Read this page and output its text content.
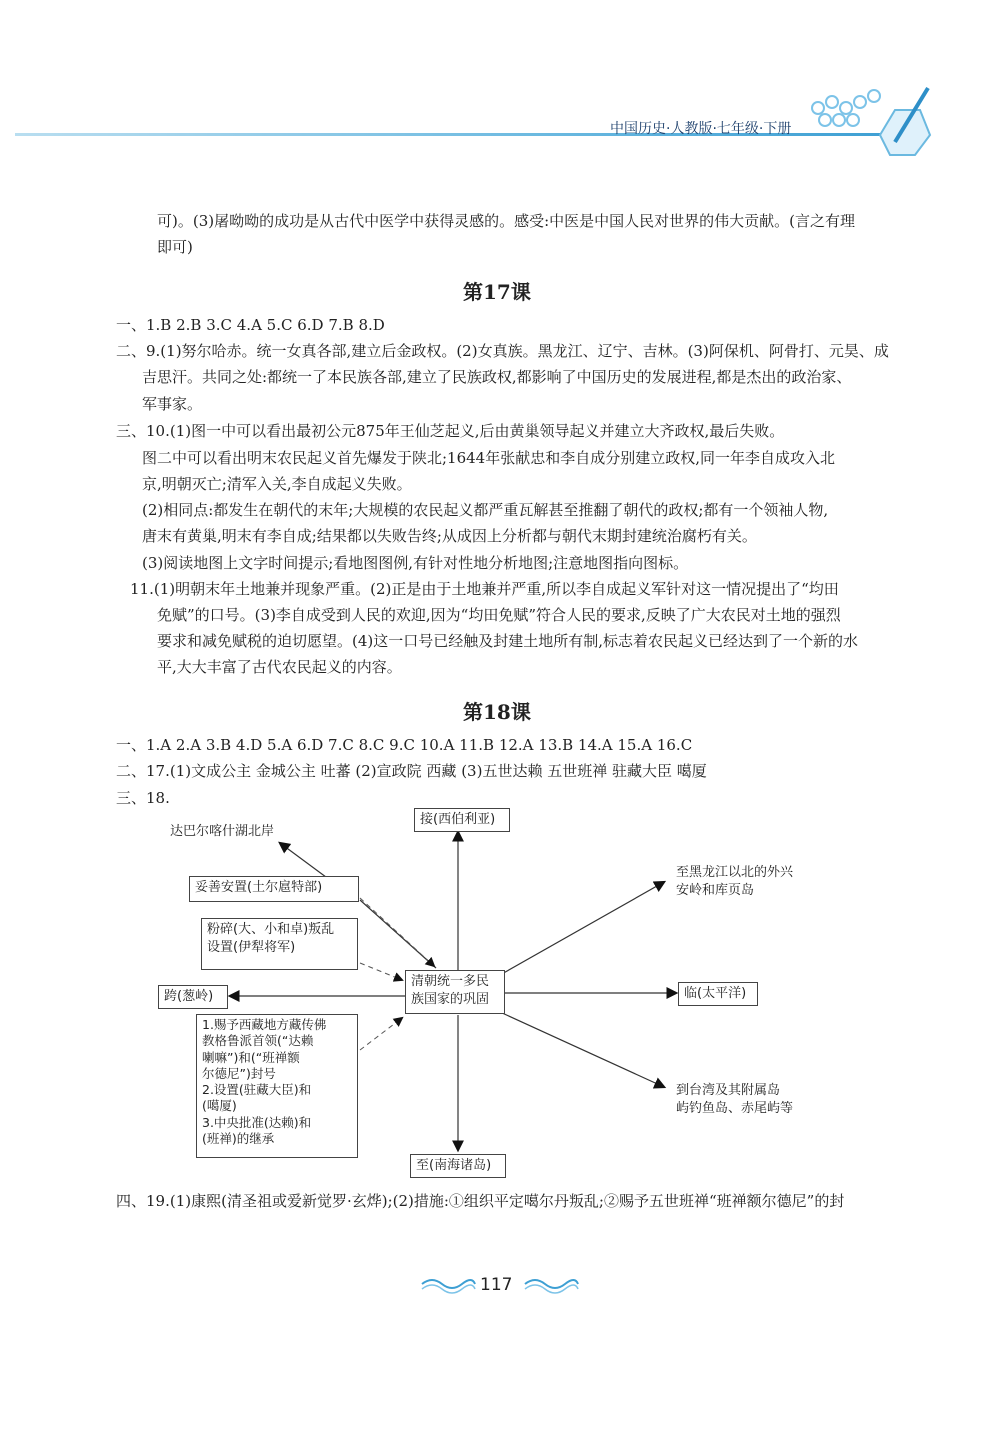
中国历史·人教版·七年级·下册
可)。(3)屠呦呦的成功是从古代中医学中获得灵感的。感受:中医是中国人民对世界的伟大贡献。(言之有理
即可)
第17课
一、1.B 2.B 3.C 4.A 5.C 6.D 7.B 8.D
二、9.(1)努尔哈赤。统一女真各部,建立后金政权。(2)女真族。黑龙江、辽宁、吉林。(3)阿保机、阿骨打、元昊、成
吉思汗。共同之处:都统一了本民族各部,建立了民族政权,都影响了中国历史的发展进程,都是杰出的政治家、
军事家。
三、10.(1)图一中可以看出最初公元875年王仙芝起义,后由黄巢领导起义并建立大齐政权,最后失败。
图二中可以看出明末农民起义首先爆发于陕北;1644年张献忠和李自成分别建立政权,同一年李自成攻入北
京,明朝灭亡;清军入关,李自成起义失败。
(2)相同点:都发生在朝代的末年;大规模的农民起义都严重瓦解甚至推翻了朝代的政权;都有一个领袖人物,
唐末有黄巢,明末有李自成;结果都以失败告终;从成因上分析都与朝代末期封建统治腐朽有关。
(3)阅读地图上文字时间提示;看地图图例,有针对性地分析地图;注意地图指向图标。
11.(1)明朝末年土地兼并现象严重。(2)正是由于土地兼并严重,所以李自成起义军针对这一情况提出了“均田
免赋”的口号。(3)李自成受到人民的欢迎,因为“均田免赋”符合人民的要求,反映了广大农民对土地的强烈
要求和减免赋税的迫切愿望。(4)这一口号已经触及封建土地所有制,标志着农民起义已经达到了一个新的水
平,大大丰富了古代农民起义的内容。
第18课
一、1.A 2.A 3.B 4.D 5.A 6.D 7.C 8.C 9.C 10.A 11.B 12.A 13.B 14.A 15.A 16.C
二、17.(1)文成公主 金城公主 吐蕃 (2)宣政院 西藏 (3)五世达赖 五世班禅 驻藏大臣 噶厦
三、18.
清朝统一多民
族国家的巩固
接(西伯利亚)
至(南海诸岛)
临(太平洋)
跨(葱岭)
达巴尔喀什湖北岸
至黑龙江以北的外兴
安岭和库页岛
到台湾及其附属岛
屿钓鱼岛、赤尾屿等
妥善安置(土尔扈特部)
粉碎(大、小和卓)叛乱
设置(伊犁将军)
1.赐予西藏地方藏传佛
教格鲁派首领(“达赖
喇嘛”)和(“班禅额
尔德尼”)封号
2.设置(驻藏大臣)和
(噶厦)
3.中央批准(达赖)和
(班禅)的继承
四、19.(1)康熙(清圣祖或爱新觉罗·玄烨);(2)措施:①组织平定噶尔丹叛乱;②赐予五世班禅“班禅额尔德尼”的封
117
